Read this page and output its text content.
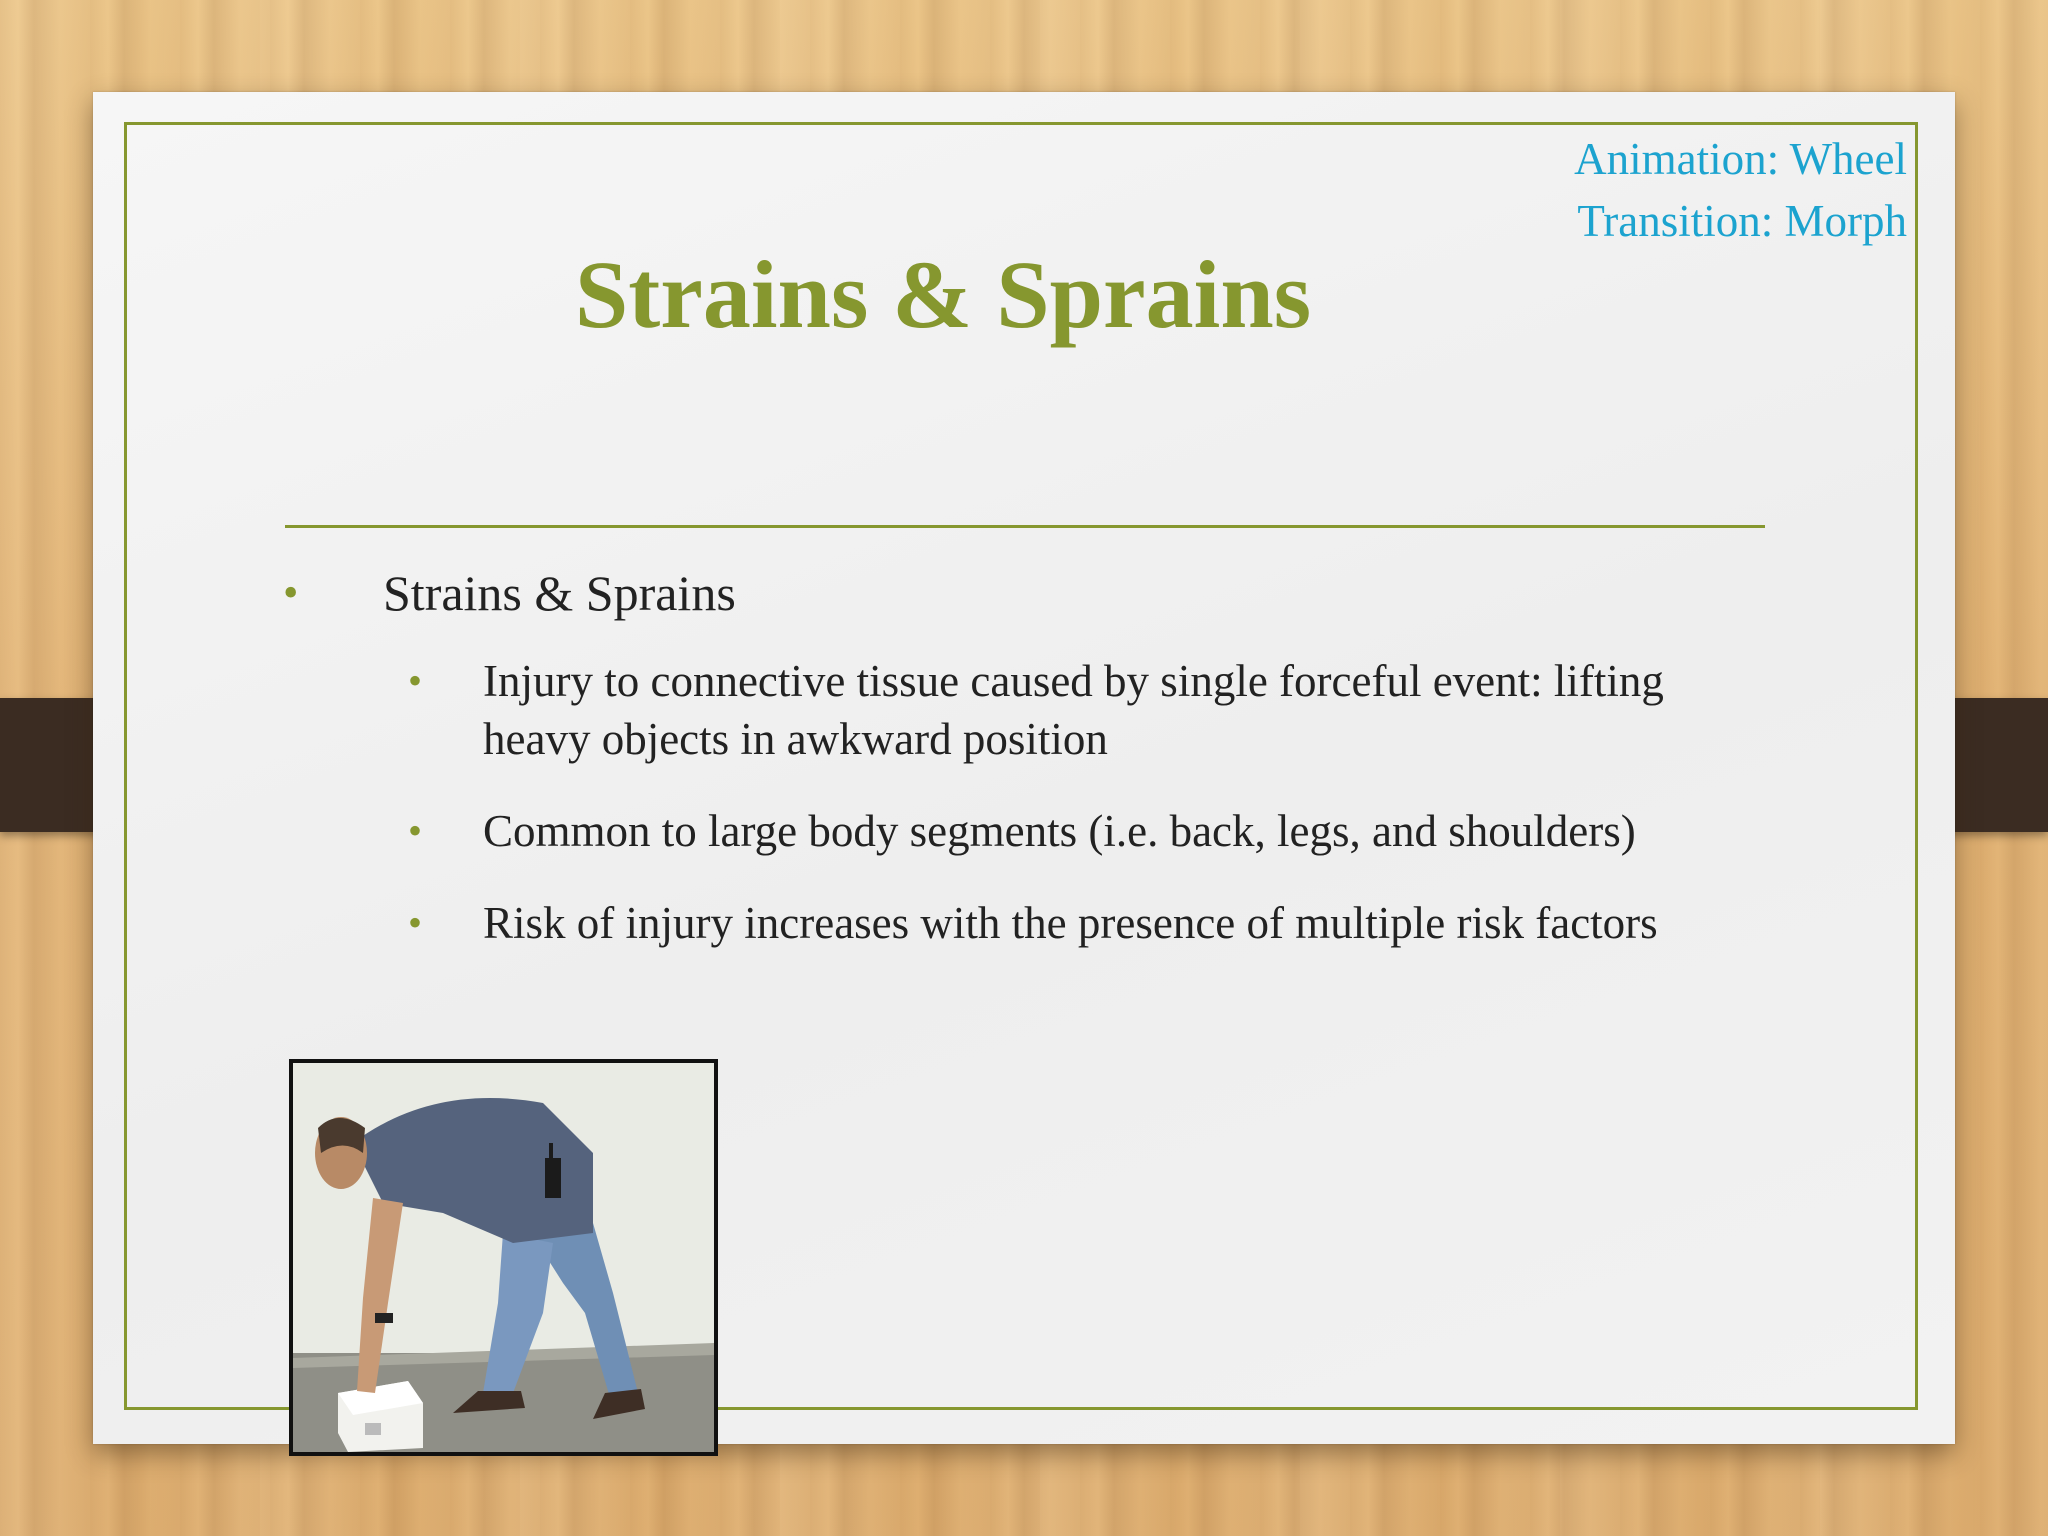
Animation: Wheel
Transition: Morph
Strains & Sprains
• Strains & Sprains
• Injury to connective tissue caused by single forceful event: lifting heavy objects in awkward position
• Common to large body segments (i.e. back, legs, and shoulders)
• Risk of injury increases with the presence of multiple risk factors
